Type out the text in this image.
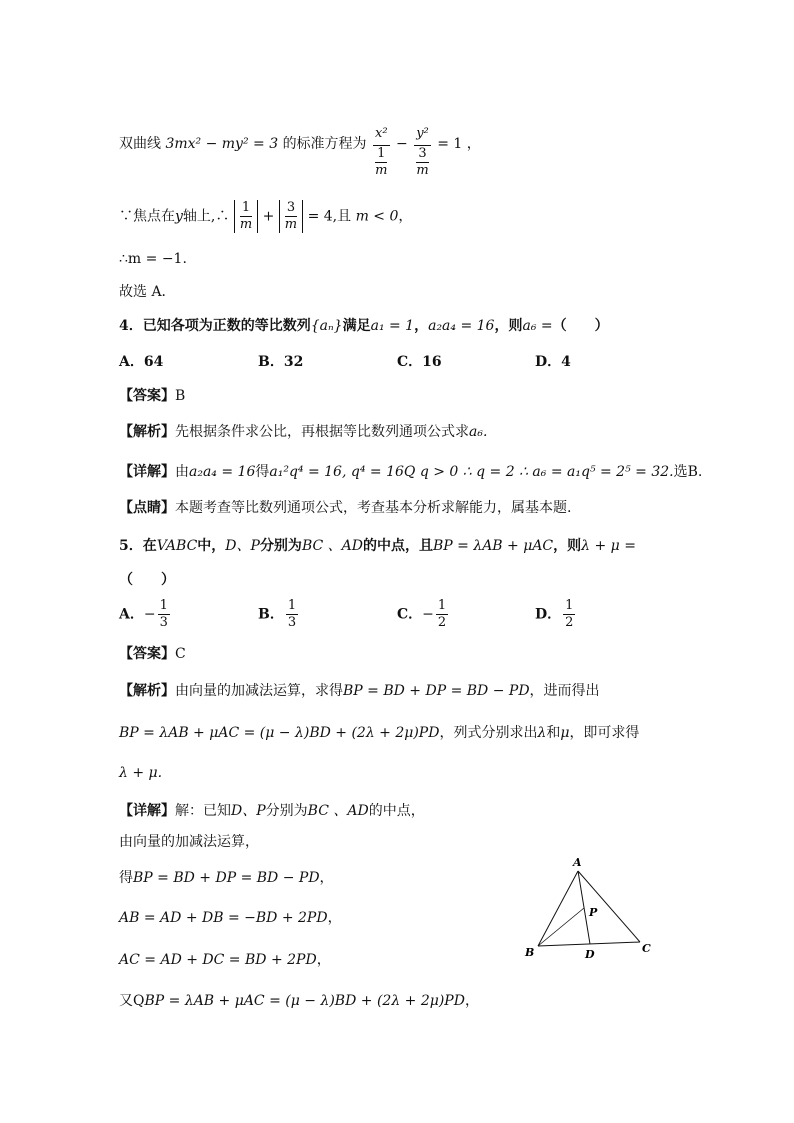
双曲线 3mx² − my² = 3 的标准方程为 $\frac{\text{x²}}{\frac{1}{m}} - \frac{\text{y²}}{\frac{3}{m}} = 1$ ，
∵焦点在y轴上,∴ $\frac{1}{m} + \frac{3}{m} = 4$,且 m < 0，
∴m = −1.
故选 A．
4．已知各项为正数的等比数列{aₙ}满足a₁ = 1，a₂a₄ = 16，则a₆ =（　　）
A．64	B．32	C．16	D．4
【答案】B
【解析】先根据条件求公比，再根据等比数列通项公式求a₆.
【详解】由a₂a₄ = 16得a₁²q⁴ = 16, q⁴ = 16Q q > 0 ∴ q = 2 ∴ a₆ = a₁q⁵ = 2⁵ = 32.选B.
【点睛】本题考查等比数列通项公式，考查基本分析求解能力，属基本题.
5．在VABC中，D、P分别为BC 、AD的中点，且BP = λAB + μAC，则λ + μ =
（　　）
A．− $\frac{1}{3}$	B． $\frac{1}{3}$	C．− $\frac{1}{2}$	D． $\frac{1}{2}$
【答案】C
【解析】由向量的加减法运算，求得BP = BD + DP = BD − PD，进而得出
BP = λAB + μAC = (μ − λ)BD + (2λ + 2μ)PD，列式分别求出λ和μ，即可求得
λ + μ.
【详解】解：已知D、P分别为BC 、AD的中点，
由向量的加减法运算，
得BP = BD + DP = BD − PD，
AB = AD + DB = −BD + 2PD，
AC = AD + DC = BD + 2PD，
又QBP = λAB + μAC = (μ − λ)BD + (2λ + 2μ)PD，
A
B	C
D
P
